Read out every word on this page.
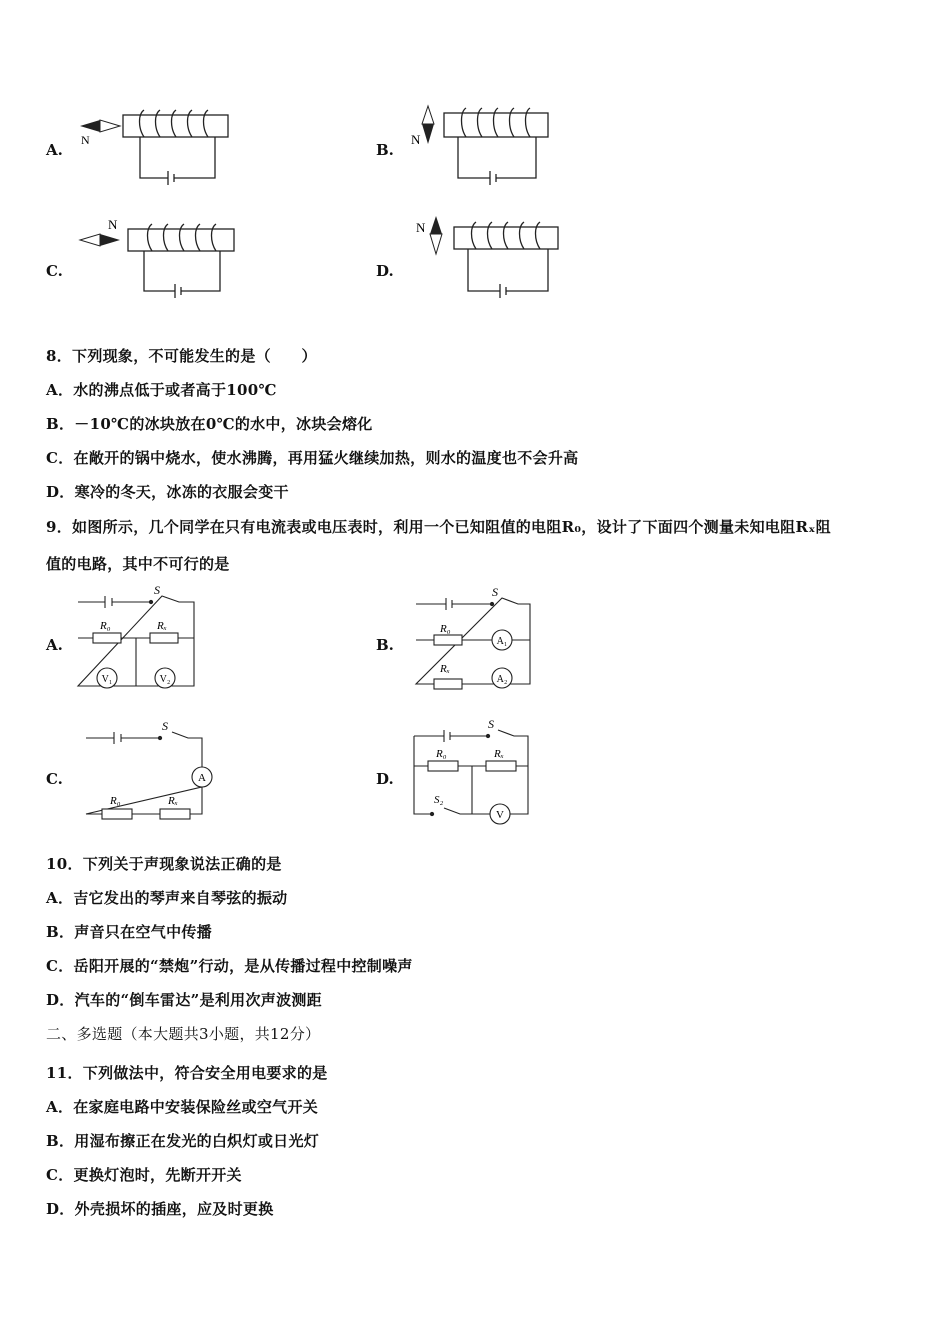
A.
N
B.
N
C.
N
D.
N
8．下列现象，不可能发生的是（　　）
A．水的沸点低于或者高于100℃
B．－10℃的冰块放在0℃的水中，冰块会熔化
C．在敞开的锅中烧水，使水沸腾，再用猛火继续加热，则水的温度也不会升高
D．寒冷的冬天，冰冻的衣服会变干
9．如图所示，几个同学在只有电流表或电压表时，利用一个已知阻值的电阻R₀，设计了下面四个测量未知电阻Rₓ阻
值的电路，其中不可行的是
A.
S
R₀	Rₓ
V₁	V₂
B.
S
R₀
Rₓ
A₁
A₂
C.
S
A
R₀	Rₓ
D.
S
R₀	Rₓ
S₂
V
10．下列关于声现象说法正确的是
A．吉它发出的琴声来自琴弦的振动
B．声音只在空气中传播
C．岳阳开展的“禁炮”行动，是从传播过程中控制噪声
D．汽车的“倒车雷达”是利用次声波测距
二、多选题（本大题共3小题，共12分）
11．下列做法中，符合安全用电要求的是
A．在家庭电路中安装保险丝或空气开关
B．用湿布擦正在发光的白炽灯或日光灯
C．更换灯泡时，先断开开关
D．外壳损坏的插座，应及时更换
